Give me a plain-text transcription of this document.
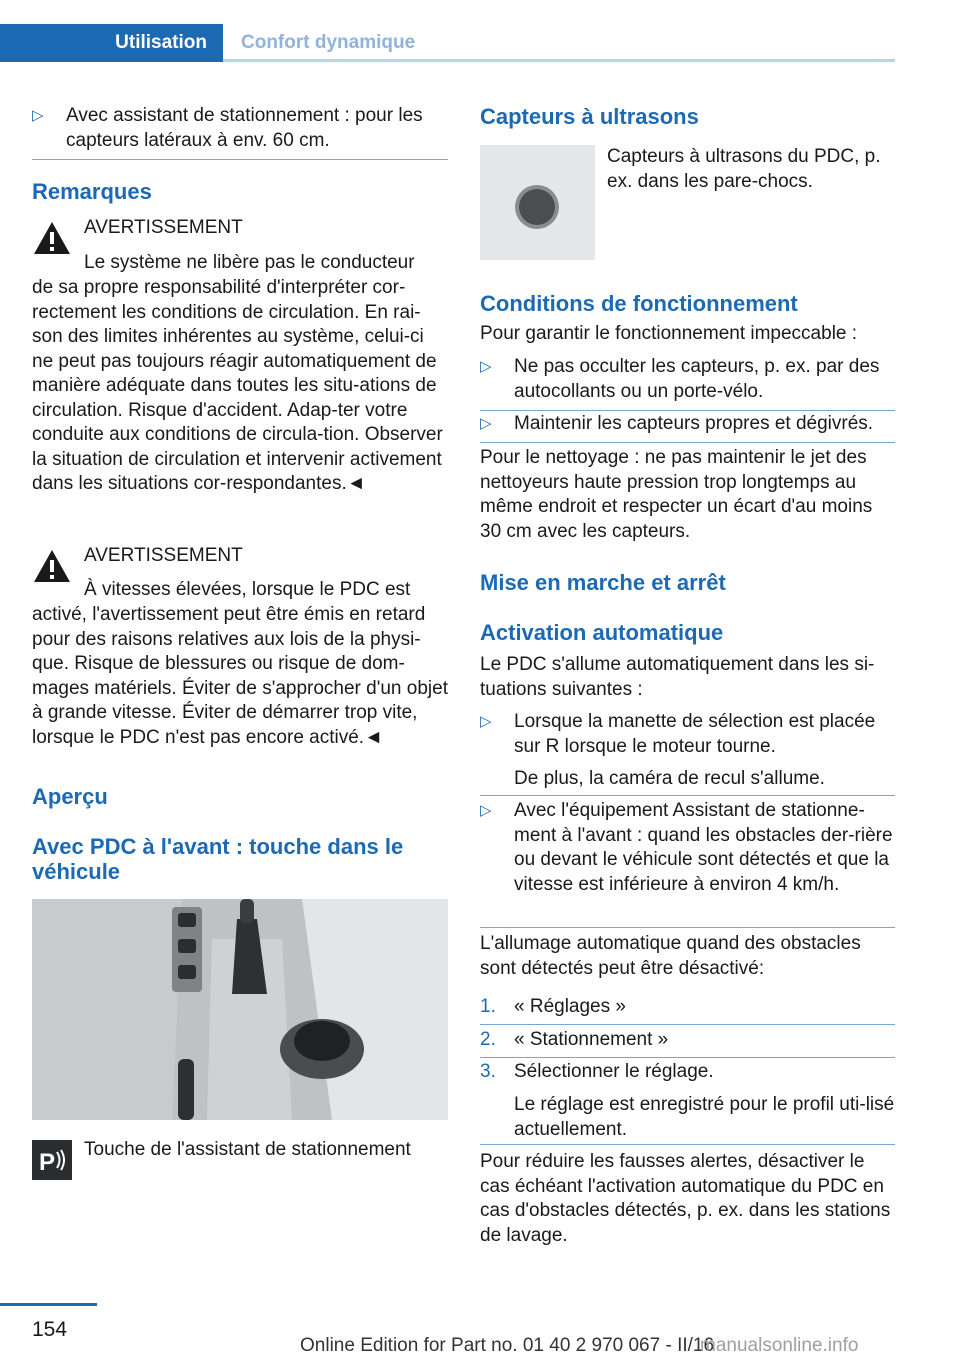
Utilisation	Confort dynamique
▷	Avec assistant de stationnement : pour les capteurs latéraux à env. 60 cm.
Remarques
AVERTISSEMENT
Le système ne libère pas le conducteur
de sa propre responsabilité d'interpréter cor-rectement les conditions de circulation. En rai-son des limites inhérentes au système, celui-ci ne peut pas toujours réagir automatiquement de manière adéquate dans toutes les situ-ations de circulation. Risque d'accident. Adap-ter votre conduite aux conditions de circula-tion. Observer la situation de circulation et intervenir activement dans les situations cor-respondantes.◄
AVERTISSEMENT
À vitesses élevées, lorsque le PDC est
activé, l'avertissement peut être émis en retard pour des raisons relatives aux lois de la physi-que. Risque de blessures ou risque de dom-mages matériels. Éviter de s'approcher d'un objet à grande vitesse. Éviter de démarrer trop vite, lorsque le PDC n'est pas encore activé.◄
Aperçu
Avec PDC à l'avant : touche dans le véhicule
P Touche de l'assistant de stationnement
Capteurs à ultrasons
Capteurs à ultrasons du PDC, p. ex. dans les pare-chocs.
Conditions de fonctionnement
Pour garantir le fonctionnement impeccable :
▷	Ne pas occulter les capteurs, p. ex. par des autocollants ou un porte-vélo.
▷	Maintenir les capteurs propres et dégivrés.
Pour le nettoyage : ne pas maintenir le jet des nettoyeurs haute pression trop longtemps au même endroit et respecter un écart d'au moins 30 cm avec les capteurs.
Mise en marche et arrêt
Activation automatique
Le PDC s'allume automatiquement dans les si-tuations suivantes :
▷	Lorsque la manette de sélection est placée sur R lorsque le moteur tourne.
De plus, la caméra de recul s'allume.
▷	Avec l'équipement Assistant de stationne-ment à l'avant : quand les obstacles der-rière ou devant le véhicule sont détectés et que la vitesse est inférieure à environ 4 km/h.
L'allumage automatique quand des obstacles sont détectés peut être désactivé:
1. « Réglages »
2. « Stationnement »
3. Sélectionner le réglage.
Le réglage est enregistré pour le profil uti-lisé actuellement.
Pour réduire les fausses alertes, désactiver le cas échéant l'activation automatique du PDC en cas d'obstacles détectés, p. ex. dans les stations de lavage.
154
Online Edition for Part no. 01 40 2 970 067 - II/16
manualsonline.info
